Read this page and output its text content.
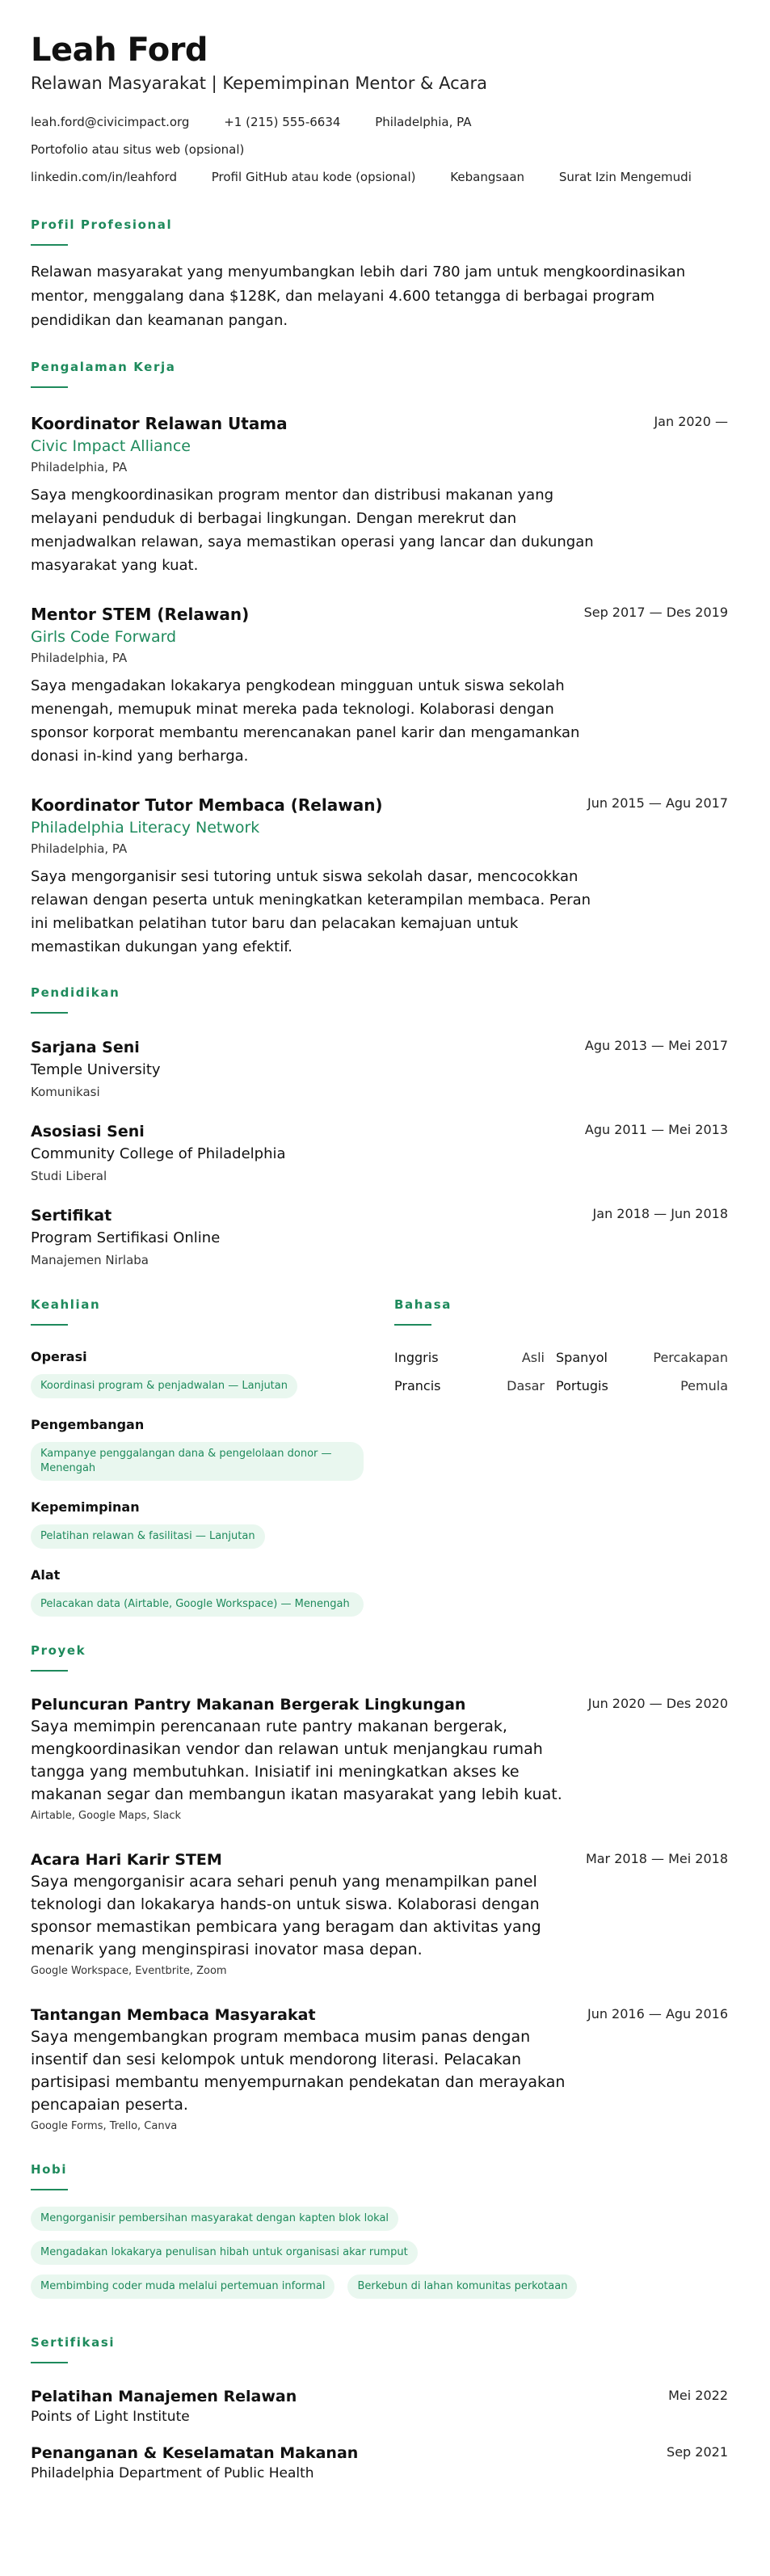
Leah Ford
Relawan Masyarakat | Kepemimpinan Mentor & Acara
leah.ford@civicimpact.org	+1 (215) 555-6634	Philadelphia, PA Portofolio atau situs web (opsional)
linkedin.com/in/leahford	Profil GitHub atau kode (opsional)	Kebangsaan	Surat Izin Mengemudi
Profil Profesional
Relawan masyarakat yang menyumbangkan lebih dari 780 jam untuk mengkoordinasikan mentor, menggalang dana $128K, dan melayani 4.600 tetangga di berbagai program pendidikan dan keamanan pangan.
Pengalaman Kerja
Koordinator Relawan Utama	Jan 2020 —
Civic Impact Alliance
Philadelphia, PA
Saya mengkoordinasikan program mentor dan distribusi makanan yang melayani penduduk di berbagai lingkungan. Dengan merekrut dan menjadwalkan relawan, saya memastikan operasi yang lancar dan dukungan masyarakat yang kuat.
Mentor STEM (Relawan)	Sep 2017 — Des 2019
Girls Code Forward
Philadelphia, PA
Saya mengadakan lokakarya pengkodean mingguan untuk siswa sekolah menengah, memupuk minat mereka pada teknologi. Kolaborasi dengan sponsor korporat membantu merencanakan panel karir dan mengamankan donasi in-kind yang berharga.
Koordinator Tutor Membaca (Relawan)	Jun 2015 — Agu 2017
Philadelphia Literacy Network
Philadelphia, PA
Saya mengorganisir sesi tutoring untuk siswa sekolah dasar, mencocokkan relawan dengan peserta untuk meningkatkan keterampilan membaca. Peran ini melibatkan pelatihan tutor baru dan pelacakan kemajuan untuk memastikan dukungan yang efektif.
Pendidikan
Sarjana Seni	Agu 2013 — Mei 2017
Temple University
Komunikasi
Asosiasi Seni	Agu 2011 — Mei 2013
Community College of Philadelphia
Studi Liberal
Sertifikat	Jan 2018 — Jun 2018
Program Sertifikasi Online
Manajemen Nirlaba
Keahlian
Operasi
Koordinasi program & penjadwalan — Lanjutan
Pengembangan
Kampanye penggalangan dana & pengelolaan donor — Menengah
Kepemimpinan
Pelatihan relawan & fasilitasi — Lanjutan
Alat
Pelacakan data (Airtable, Google Workspace) — Menengah
Bahasa
Inggris	Asli Spanyol	Percakapan
Prancis	Dasar Portugis	Pemula
Proyek
Peluncuran Pantry Makanan Bergerak Lingkungan	Jun 2020 — Des 2020
Saya memimpin perencanaan rute pantry makanan bergerak, mengkoordinasikan vendor dan relawan untuk menjangkau rumah tangga yang membutuhkan. Inisiatif ini meningkatkan akses ke makanan segar dan membangun ikatan masyarakat yang lebih kuat.
Airtable, Google Maps, Slack
Acara Hari Karir STEM	Mar 2018 — Mei 2018
Saya mengorganisir acara sehari penuh yang menampilkan panel teknologi dan lokakarya hands-on untuk siswa. Kolaborasi dengan sponsor memastikan pembicara yang beragam dan aktivitas yang menarik yang menginspirasi inovator masa depan.
Google Workspace, Eventbrite, Zoom
Tantangan Membaca Masyarakat	Jun 2016 — Agu 2016
Saya mengembangkan program membaca musim panas dengan insentif dan sesi kelompok untuk mendorong literasi. Pelacakan partisipasi membantu menyempurnakan pendekatan dan merayakan pencapaian peserta.
Google Forms, Trello, Canva
Hobi
Mengorganisir pembersihan masyarakat dengan kapten blok lokal
Mengadakan lokakarya penulisan hibah untuk organisasi akar rumput
Membimbing coder muda melalui pertemuan informal	Berkebun di lahan komunitas perkotaan
Sertifikasi
Pelatihan Manajemen Relawan	Mei 2022
Points of Light Institute
Penanganan & Keselamatan Makanan	Sep 2021
Philadelphia Department of Public Health
